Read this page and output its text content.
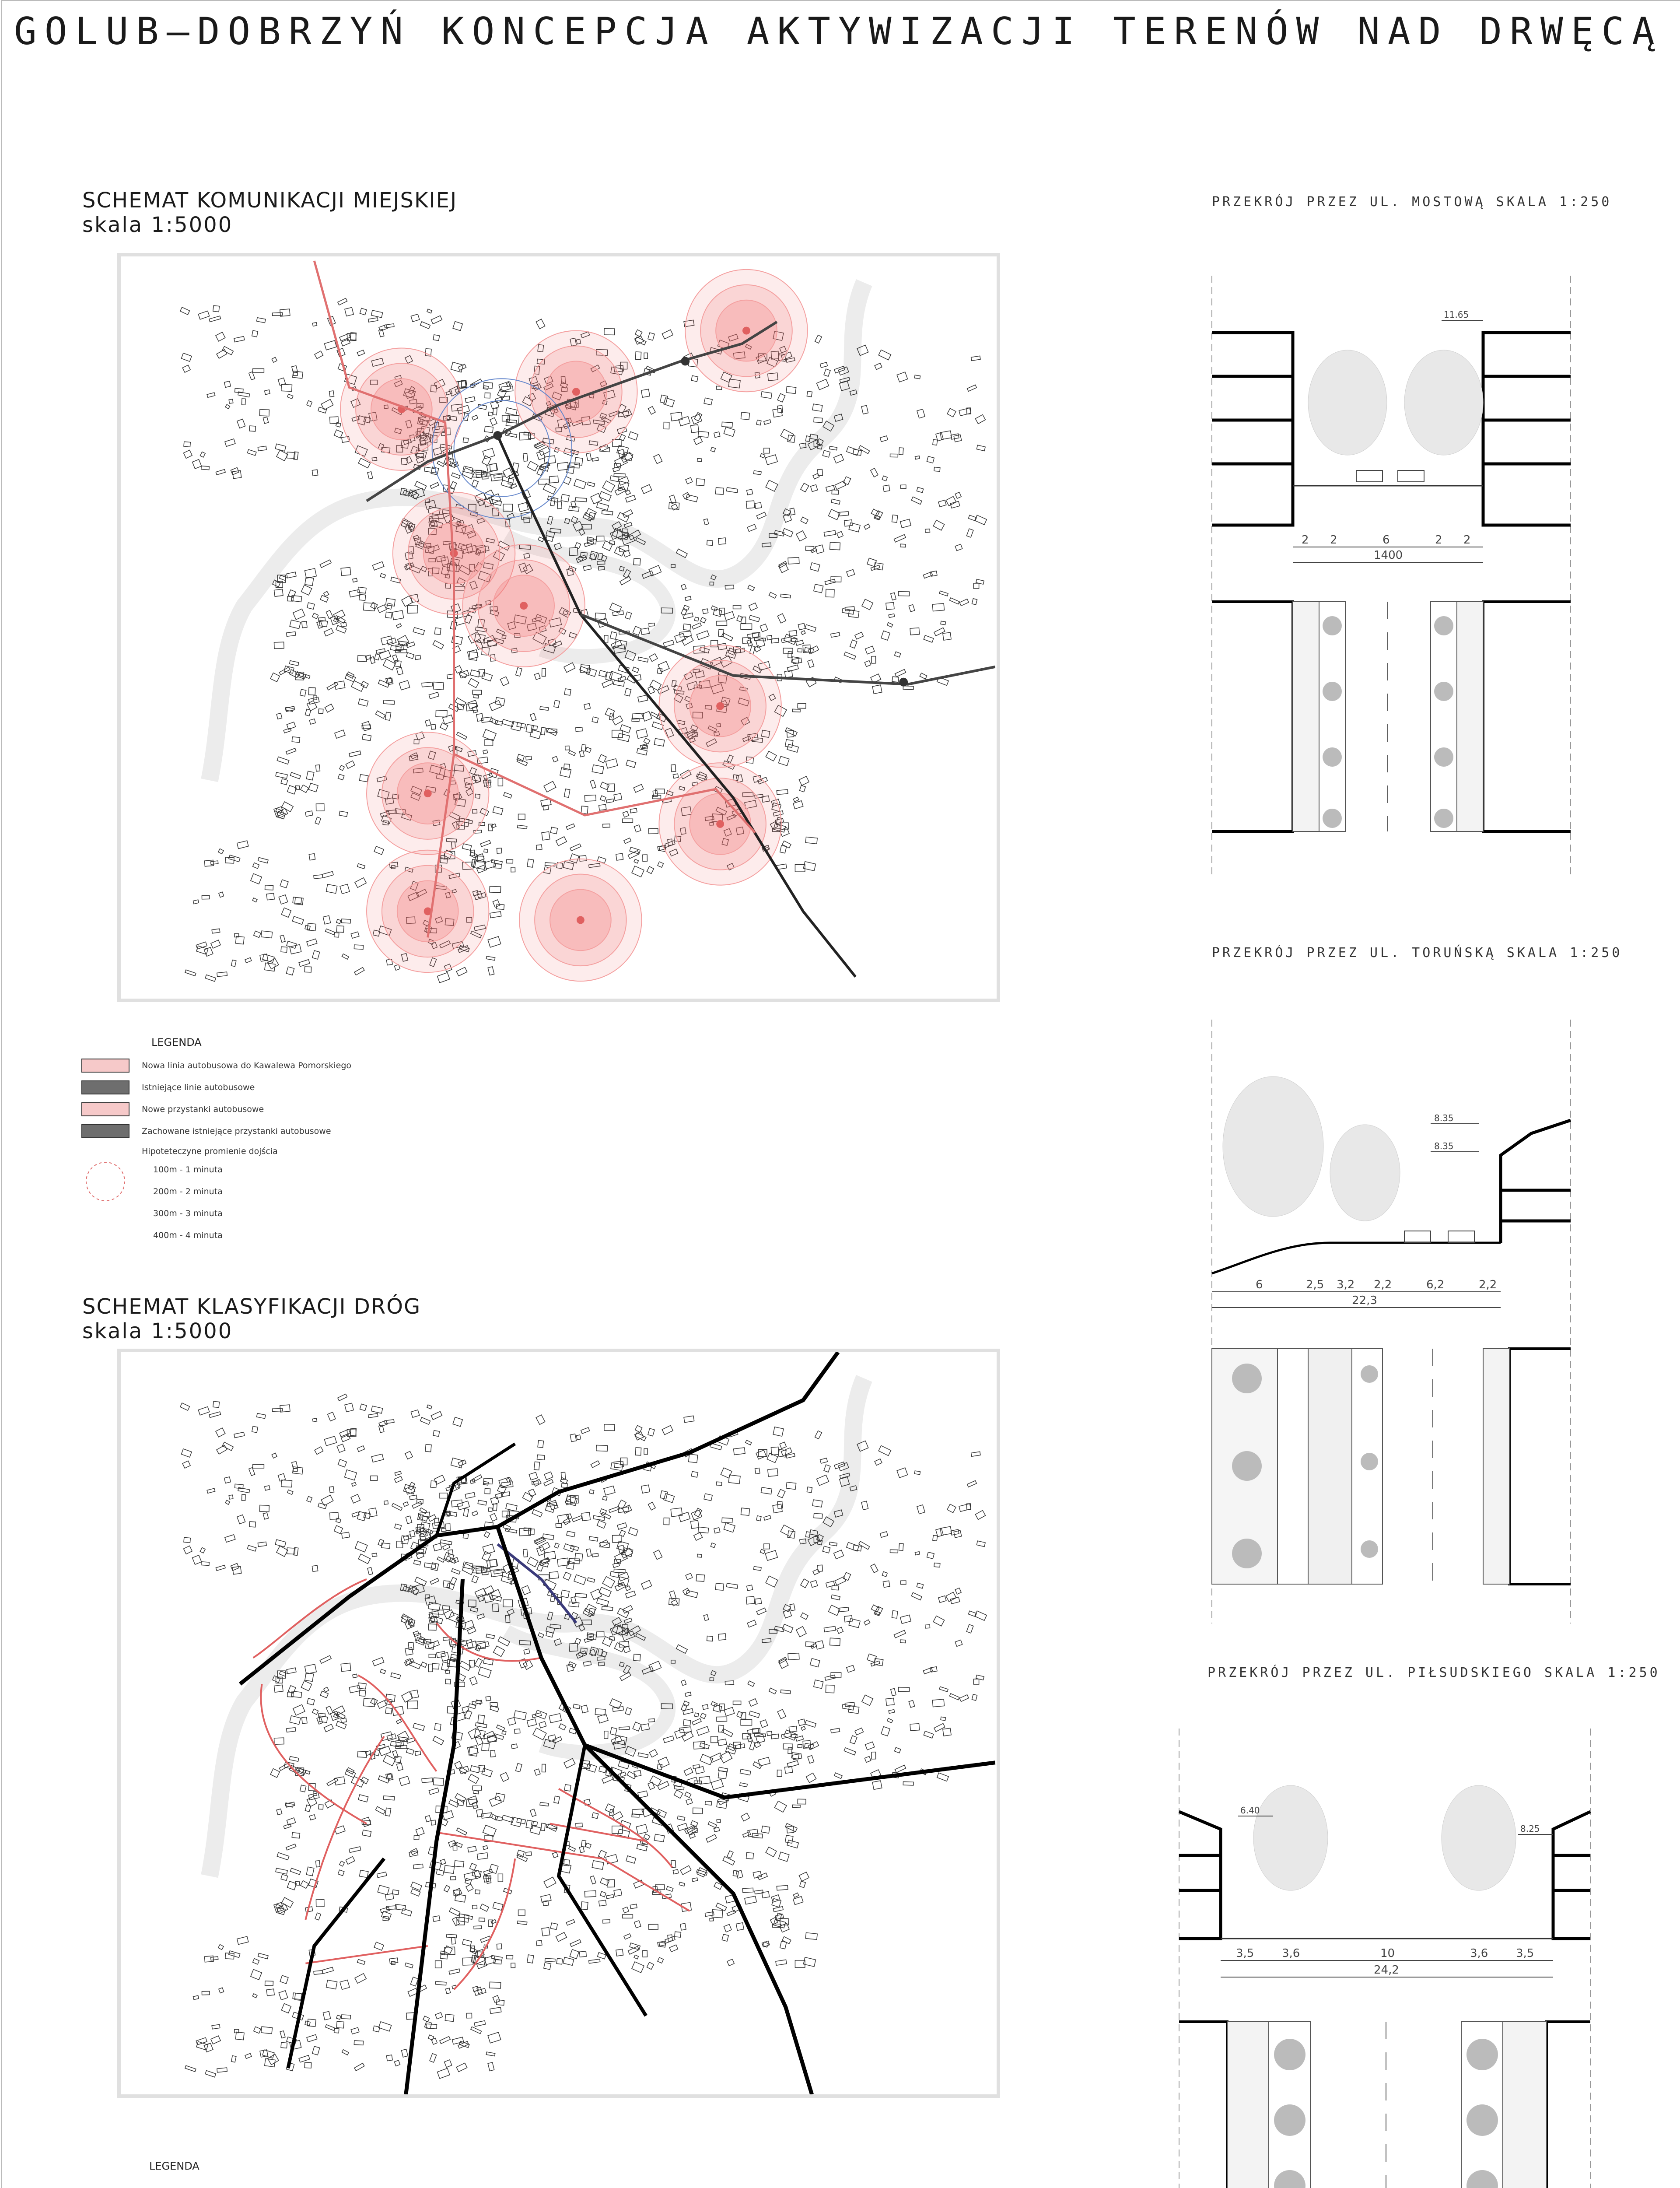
GOLUB–DOBRZYŃ KONCEPCJA AKTYWIZACJI TERENÓW NAD DRWĘCĄ
SCHEMAT KOMUNIKACJI MIEJSKIEJ
skala 1:5000
LEGENDA
Nowa linia autobusowa do Kawalewa Pomorskiego
Istniejące linie autobusowe
Nowe przystanki autobusowe
Zachowane istniejące przystanki autobusowe
Hipoteteczyne promienie dojścia
100m - 1 minuta
200m - 2 minuta
300m - 3 minuta
400m - 4 minuta
SCHEMAT KLASYFIKACJI DRÓG
skala 1:5000
LEGENDA
PRZEKRÓJ PRZEZ UL. MOSTOWĄ SKALA 1:250
11.65
2 2	6	2 2
1400
PRZEKRÓJ PRZEZ UL. TORUŃSKĄ SKALA 1:250
8.35
8.35
6	2,5 3,2 2,2	6,2	2,2
22,3
PRZEKRÓJ PRZEZ UL. PIŁSUDSKIEGO SKALA 1:250
6.40
8.25
3,5 3,6	10	3,6 3,5
24,2
